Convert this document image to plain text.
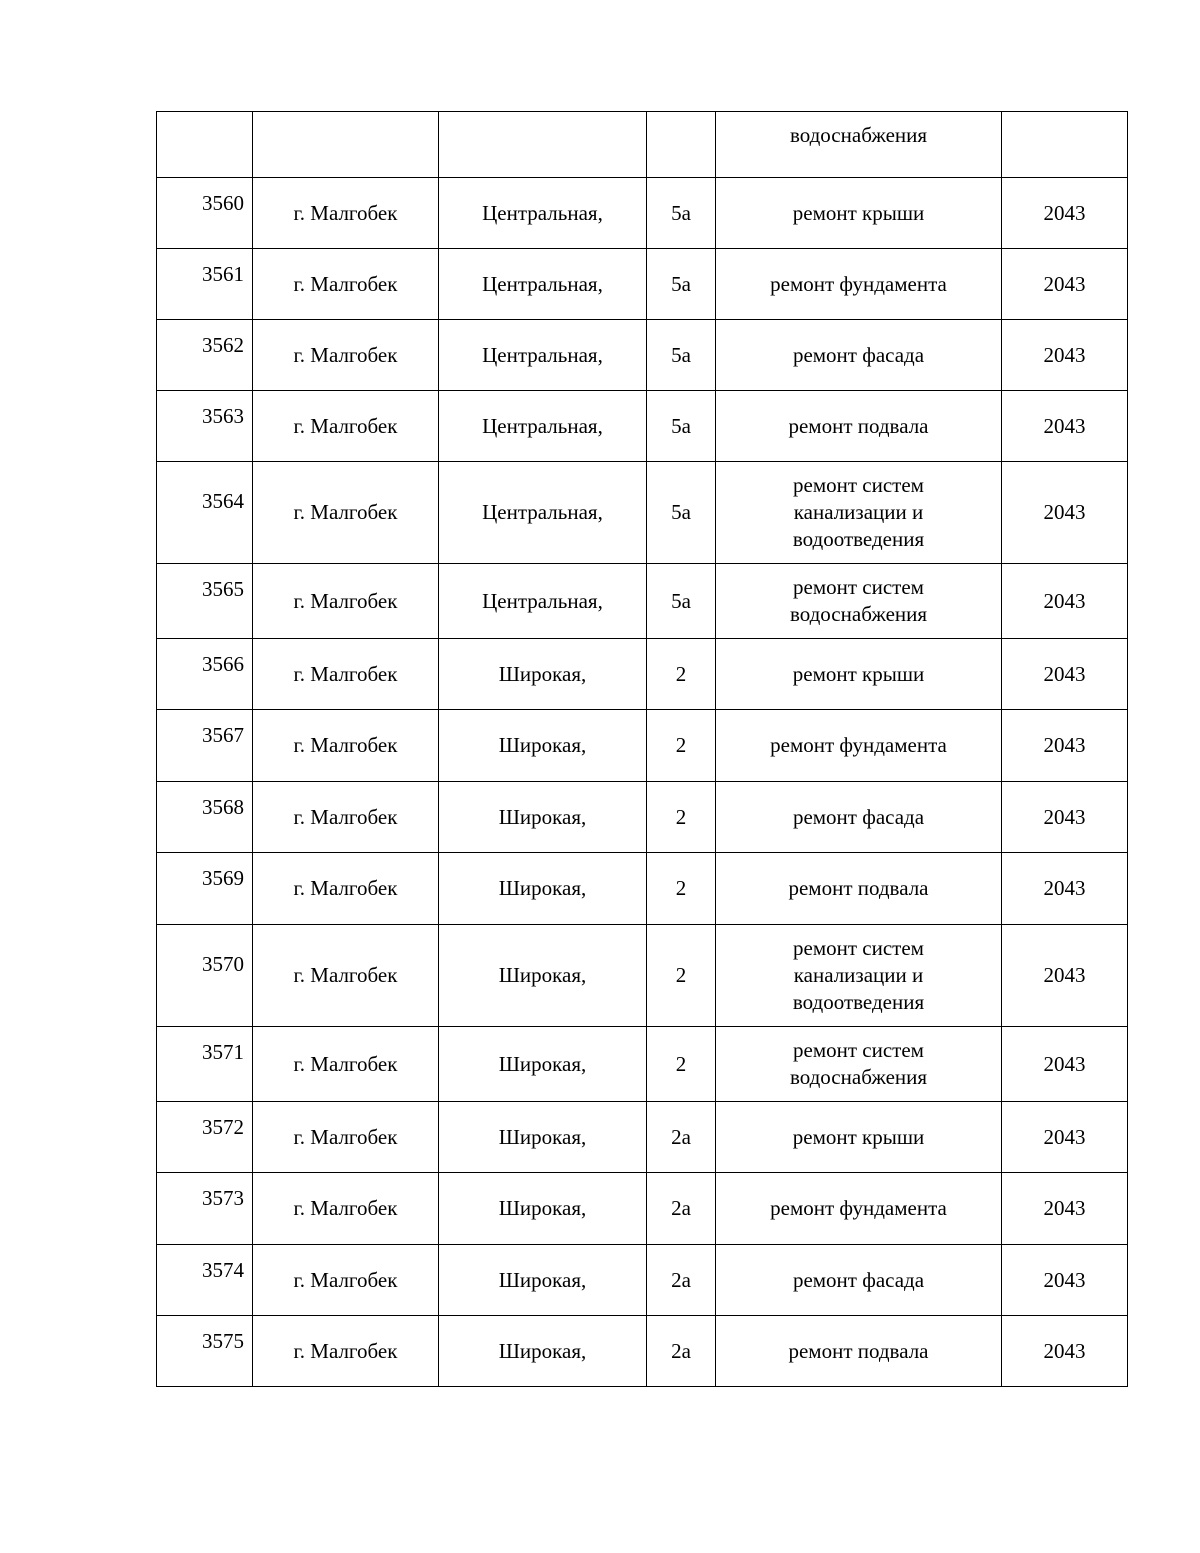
				водоснабжения	
3560	г. Малгобек	Центральная,	5а	ремонт крыши	2043
3561	г. Малгобек	Центральная,	5а	ремонт фундамента	2043
3562	г. Малгобек	Центральная,	5а	ремонт фасада	2043
3563	г. Малгобек	Центральная,	5а	ремонт подвала	2043
3564	г. Малгобек	Центральная,	5а	ремонт систем
канализации и
водоотведения	2043
3565	г. Малгобек	Центральная,	5а	ремонт систем
водоснабжения	2043
3566	г. Малгобек	Широкая,	2	ремонт крыши	2043
3567	г. Малгобек	Широкая,	2	ремонт фундамента	2043
3568	г. Малгобек	Широкая,	2	ремонт фасада	2043
3569	г. Малгобек	Широкая,	2	ремонт подвала	2043
3570	г. Малгобек	Широкая,	2	ремонт систем
канализации и
водоотведения	2043
3571	г. Малгобек	Широкая,	2	ремонт систем
водоснабжения	2043
3572	г. Малгобек	Широкая,	2а	ремонт крыши	2043
3573	г. Малгобек	Широкая,	2а	ремонт фундамента	2043
3574	г. Малгобек	Широкая,	2а	ремонт фасада	2043
3575	г. Малгобек	Широкая,	2а	ремонт подвала	2043
